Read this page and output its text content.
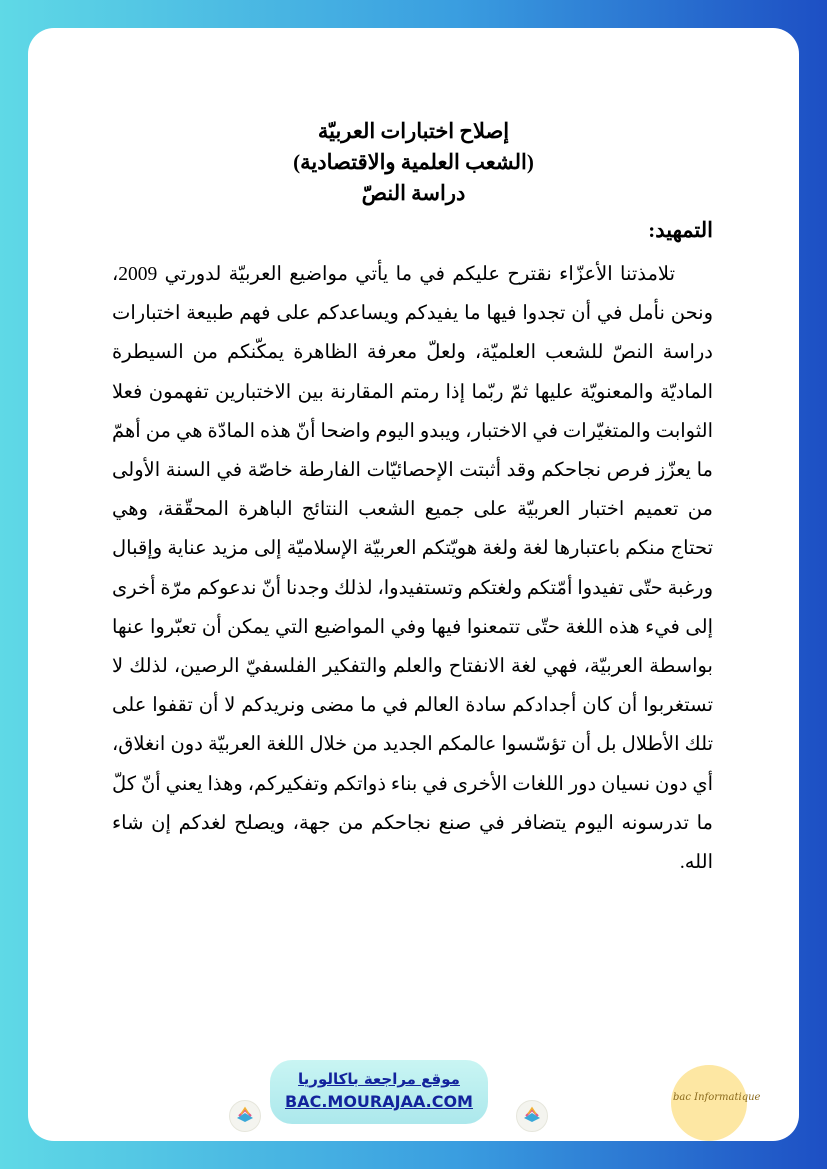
إصلاح اختبارات العربيّة
(الشعب العلمية والاقتصادية)
دراسة النصّ
التمهيد:
تلامذتنا الأعزّاء نقترح عليكم في ما يأتي مواضيع العربيّة لدورتي 2009، ونحن نأمل في أن تجدوا فيها ما يفيدكم ويساعدكم على فهم طبيعة اختبارات دراسة النصّ للشعب العلميّة، ولعلّ معرفة الظاهرة يمكّنكم من السيطرة الماديّة والمعنويّة عليها ثمّ ربّما إذا رمتم المقارنة بين الاختبارين تفهمون فعلا الثوابت والمتغيّرات في الاختبار، ويبدو اليوم واضحا أنّ هذه المادّة هي من أهمّ ما يعزّز فرص نجاحكم وقد أثبتت الإحصائيّات الفارطة خاصّة في السنة الأولى من تعميم اختبار العربيّة على جميع الشعب النتائج الباهرة المحقّقة، وهي تحتاج منكم باعتبارها لغة ولغة هويّتكم العربيّة الإسلاميّة إلى مزيد عناية وإقبال ورغبة حتّى تفيدوا أمّتكم ولغتكم وتستفيدوا، لذلك وجدنا أنّ ندعوكم مرّة أخرى إلى فيء هذه اللغة حتّى تتمعنوا فيها وفي المواضيع التي يمكن أن تعبّروا عنها بواسطة العربيّة، فهي لغة الانفتاح والعلم والتفكير الفلسفيّ الرصين، لذلك لا تستغربوا أن كان أجدادكم سادة العالم في ما مضى ونريدكم لا أن تقفوا على تلك الأطلال بل أن تؤسّسوا عالمكم الجديد من خلال اللغة العربيّة دون انغلاق، أي دون نسيان دور اللغات الأخرى في بناء ذواتكم وتفكيركم، وهذا يعني أنّ كلّ ما تدرسونه اليوم يتضافر في صنع نجاحكم من جهة، ويصلح لغدكم إن شاء الله.
موقع مراجعة باكالوريا
BAC.MOURAJAA.COM	bac Informatique
